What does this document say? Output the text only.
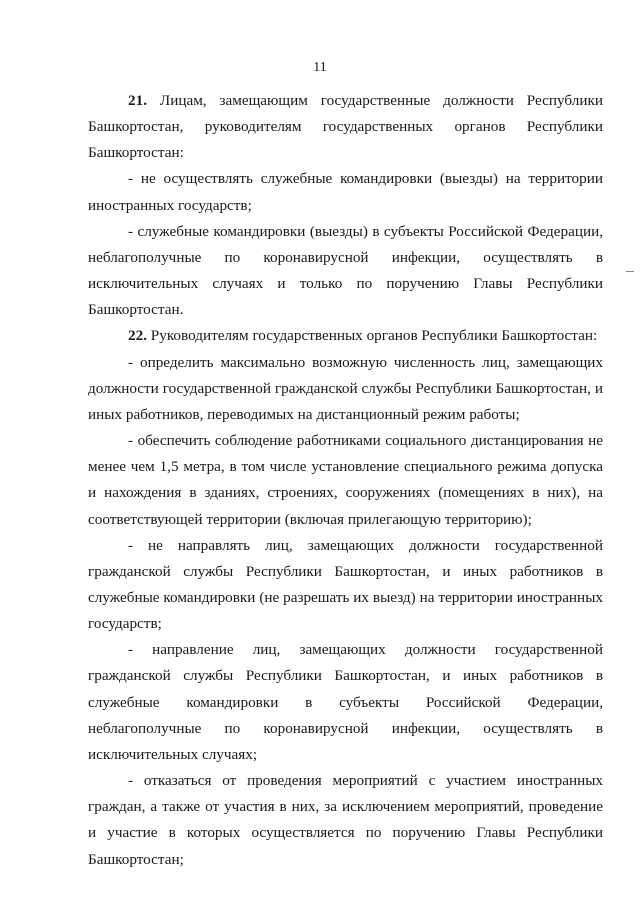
11

21. Лицам, замещающим государственные должности Республики Башкортостан, руководителям государственных органов Республики Башкортостан:

- не осуществлять служебные командировки (выезды) на территории иностранных государств;

- служебные командировки (выезды) в субъекты Российской Федерации, неблагополучные по коронавирусной инфекции, осуществлять в исключительных случаях и только по поручению Главы Республики Башкортостан.

22. Руководителям государственных органов Республики Башкортостан:

- определить максимально возможную численность лиц, замещающих должности государственной гражданской службы Республики Башкортостан, и иных работников, переводимых на дистанционный режим работы;

- обеспечить соблюдение работниками социального дистанцирования не менее чем 1,5 метра, в том числе установление специального режима допуска и нахождения в зданиях, строениях, сооружениях (помещениях в них), на соответствующей территории (включая прилегающую территорию);

- не направлять лиц, замещающих должности государственной гражданской службы Республики Башкортостан, и иных работников в служебные командировки (не разрешать их выезд) на территории иностранных государств;

- направление лиц, замещающих должности государственной гражданской службы Республики Башкортостан, и иных работников в служебные командировки в субъекты Российской Федерации, неблагополучные по коронавирусной инфекции, осуществлять в исключительных случаях;

- отказаться от проведения мероприятий с участием иностранных граждан, а также от участия в них, за исключением мероприятий, проведение и участие в которых осуществляется по поручению Главы Республики Башкортостан;
